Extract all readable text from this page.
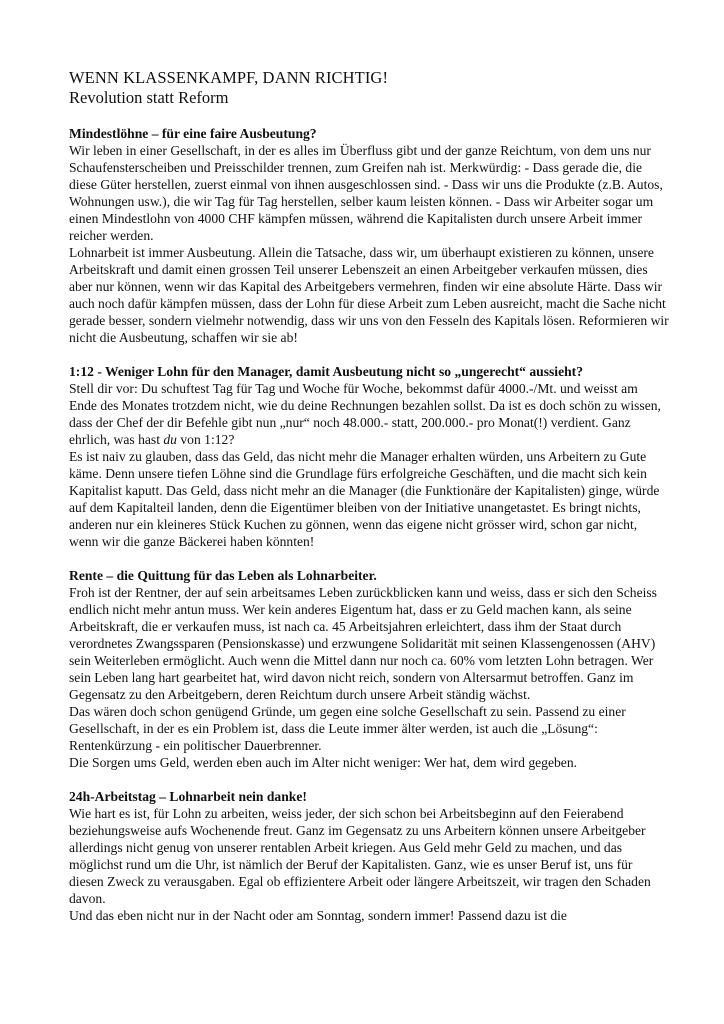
WENN KLASSENKAMPF, DANN RICHTIG!
Revolution statt Reform

Mindestlöhne – für eine faire Ausbeutung?

Wir leben in einer Gesellschaft, in der es alles im Überfluss gibt und der ganze Reichtum, von dem uns nur Schaufensterscheiben und Preisschilder trennen, zum Greifen nah ist. Merkwürdig: - Dass gerade die, die diese Güter herstellen, zuerst einmal von ihnen ausgeschlossen sind. - Dass wir uns die Produkte (z.B. Autos, Wohnungen usw.), die wir Tag für Tag herstellen, selber kaum leisten können. - Dass wir Arbeiter sogar um einen Mindestlohn von 4000 CHF kämpfen müssen, während die Kapitalisten durch unsere Arbeit immer reicher werden.

Lohnarbeit ist immer Ausbeutung. Allein die Tatsache, dass wir, um überhaupt existieren zu können, unsere Arbeitskraft und damit einen grossen Teil unserer Lebenszeit an einen Arbeitgeber verkaufen müssen, dies aber nur können, wenn wir das Kapital des Arbeitgebers vermehren, finden wir eine absolute Härte. Dass wir auch noch dafür kämpfen müssen, dass der Lohn für diese Arbeit zum Leben ausreicht, macht die Sache nicht gerade besser, sondern vielmehr notwendig, dass wir uns von den Fesseln des Kapitals lösen. Reformieren wir nicht die Ausbeutung, schaffen wir sie ab!

1:12 - Weniger Lohn für den Manager, damit Ausbeutung nicht so „ungerecht“ aussieht?

Stell dir vor: Du schuftest Tag für Tag und Woche für Woche, bekommst dafür 4000.-/Mt. und weisst am Ende des Monates trotzdem nicht, wie du deine Rechnungen bezahlen sollst. Da ist es doch schön zu wissen, dass der Chef der dir Befehle gibt nun „nur“ noch 48.000.- statt, 200.000.- pro Monat(!) verdient. Ganz ehrlich, was hast du von 1:12?

Es ist naiv zu glauben, dass das Geld, das nicht mehr die Manager erhalten würden, uns Arbeitern zu Gute käme. Denn unsere tiefen Löhne sind die Grundlage fürs erfolgreiche Geschäften, und die macht sich kein Kapitalist kaputt. Das Geld, dass nicht mehr an die Manager (die Funktionäre der Kapitalisten) ginge, würde auf dem Kapitalteil landen, denn die Eigentümer bleiben von der Initiative unangetastet. Es bringt nichts, anderen nur ein kleineres Stück Kuchen zu gönnen, wenn das eigene nicht grösser wird, schon gar nicht, wenn wir die ganze Bäckerei haben könnten!

Rente – die Quittung für das Leben als Lohnarbeiter.

Froh ist der Rentner, der auf sein arbeitsames Leben zurückblicken kann und weiss, dass er sich den Scheiss endlich nicht mehr antun muss. Wer kein anderes Eigentum hat, dass er zu Geld machen kann, als seine Arbeitskraft, die er verkaufen muss, ist nach ca. 45 Arbeitsjahren erleichtert, dass ihm der Staat durch verordnetes Zwangssparen (Pensionskasse) und erzwungene Solidarität mit seinen Klassengenossen (AHV) sein Weiterleben ermöglicht. Auch wenn die Mittel dann nur noch ca. 60% vom letzten Lohn betragen. Wer sein Leben lang hart gearbeitet hat, wird davon nicht reich, sondern von Altersarmut betroffen. Ganz im Gegensatz zu den Arbeitgebern, deren Reichtum durch unsere Arbeit ständig wächst.

Das wären doch schon genügend Gründe, um gegen eine solche Gesellschaft zu sein. Passend zu einer Gesellschaft, in der es ein Problem ist, dass die Leute immer älter werden, ist auch die „Lösung“: Rentenkürzung - ein politischer Dauerbrenner.

Die Sorgen ums Geld, werden eben auch im Alter nicht weniger: Wer hat, dem wird gegeben.

24h-Arbeitstag – Lohnarbeit nein danke!

Wie hart es ist, für Lohn zu arbeiten, weiss jeder, der sich schon bei Arbeitsbeginn auf den Feierabend beziehungsweise aufs Wochenende freut. Ganz im Gegensatz zu uns Arbeitern können unsere Arbeitgeber allerdings nicht genug von unserer rentablen Arbeit kriegen. Aus Geld mehr Geld zu machen, und das möglichst rund um die Uhr, ist nämlich der Beruf der Kapitalisten. Ganz, wie es unser Beruf ist, uns für diesen Zweck zu verausgaben. Egal ob effizientere Arbeit oder längere Arbeitszeit, wir tragen den Schaden davon.

Und das eben nicht nur in der Nacht oder am Sonntag, sondern immer! Passend dazu ist die
